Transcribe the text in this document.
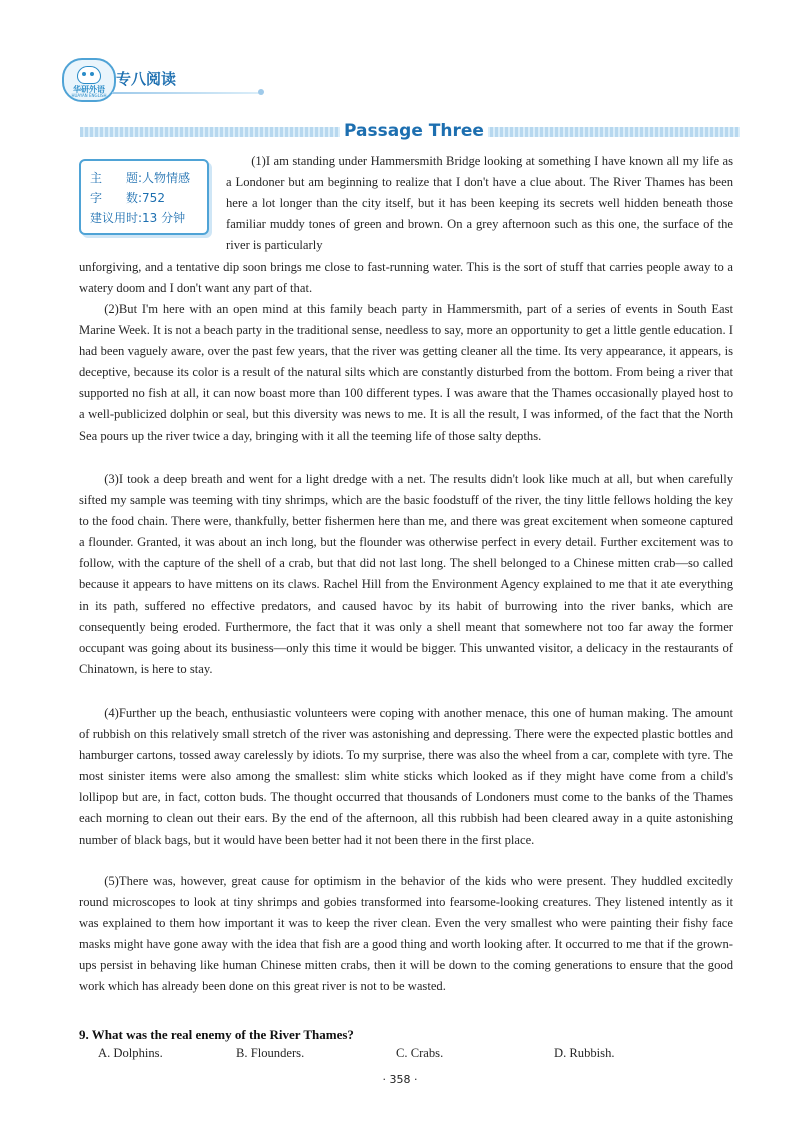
华研外语
HUAYAN ENGLISH
专八阅读
Passage Three
主　　题:人物情感
字　　数:752
建议用时:13 分钟

(1)I am standing under Hammersmith Bridge looking at something I have known all my life as a Londoner but am beginning to realize that I don't have a clue about. The River Thames has been here a lot longer than the city itself, but it has been keeping its secrets well hidden beneath those familiar muddy tones of green and brown. On a grey afternoon such as this one, the surface of the river is particularly

unforgiving, and a tentative dip soon brings me close to fast-running water. This is the sort of stuff that carries people away to a watery doom and I don't want any part of that.

(2)But I'm here with an open mind at this family beach party in Hammersmith, part of a series of events in South East Marine Week. It is not a beach party in the traditional sense, needless to say, more an opportunity to get a little gentle education. I had been vaguely aware, over the past few years, that the river was getting cleaner all the time. Its very appearance, it appears, is deceptive, because its color is a result of the natural silts which are constantly disturbed from the bottom. From being a river that supported no fish at all, it can now boast more than 100 different types. I was aware that the Thames occasionally played host to a well-publicized dolphin or seal, but this diversity was news to me. It is all the result, I was informed, of the fact that the North Sea pours up the river twice a day, bringing with it all the teeming life of those salty depths.

(3)I took a deep breath and went for a light dredge with a net. The results didn't look like much at all, but when carefully sifted my sample was teeming with tiny shrimps, which are the basic foodstuff of the river, the tiny little fellows holding the key to the food chain. There were, thankfully, better fishermen here than me, and there was great excitement when someone captured a flounder. Granted, it was about an inch long, but the flounder was otherwise perfect in every detail. Further excitement was to follow, with the capture of the shell of a crab, but that did not last long. The shell belonged to a Chinese mitten crab—so called because it appears to have mittens on its claws. Rachel Hill from the Environment Agency explained to me that it ate everything in its path, suffered no effective predators, and caused havoc by its habit of burrowing into the river banks, which are consequently being eroded. Furthermore, the fact that it was only a shell meant that somewhere not too far away the former occupant was going about its business—only this time it would be bigger. This unwanted visitor, a delicacy in the restaurants of Chinatown, is here to stay.

(4)Further up the beach, enthusiastic volunteers were coping with another menace, this one of human making. The amount of rubbish on this relatively small stretch of the river was astonishing and depressing. There were the expected plastic bottles and hamburger cartons, tossed away carelessly by idiots. To my surprise, there was also the wheel from a car, complete with tyre. The most sinister items were also among the smallest: slim white sticks which looked as if they might have come from a child's lollipop but are, in fact, cotton buds. The thought occurred that thousands of Londoners must come to the banks of the Thames each morning to clean out their ears. By the end of the afternoon, all this rubbish had been cleared away in a quite astonishing number of black bags, but it would have been better had it not been there in the first place.

(5)There was, however, great cause for optimism in the behavior of the kids who were present. They huddled excitedly round microscopes to look at tiny shrimps and gobies transformed into fearsome-looking creatures. They listened intently as it was explained to them how important it was to keep the river clean. Even the very smallest who were painting their fishy face masks might have gone away with the idea that fish are a good thing and worth looking after. It occurred to me that if the grown-ups persist in behaving like human Chinese mitten crabs, then it will be down to the coming generations to ensure that the good work which has already been done on this great river is not to be wasted.

9. What was the real enemy of the River Thames?

A. Dolphins.	B. Flounders.	C. Crabs.	D. Rubbish.
· 358 ·
